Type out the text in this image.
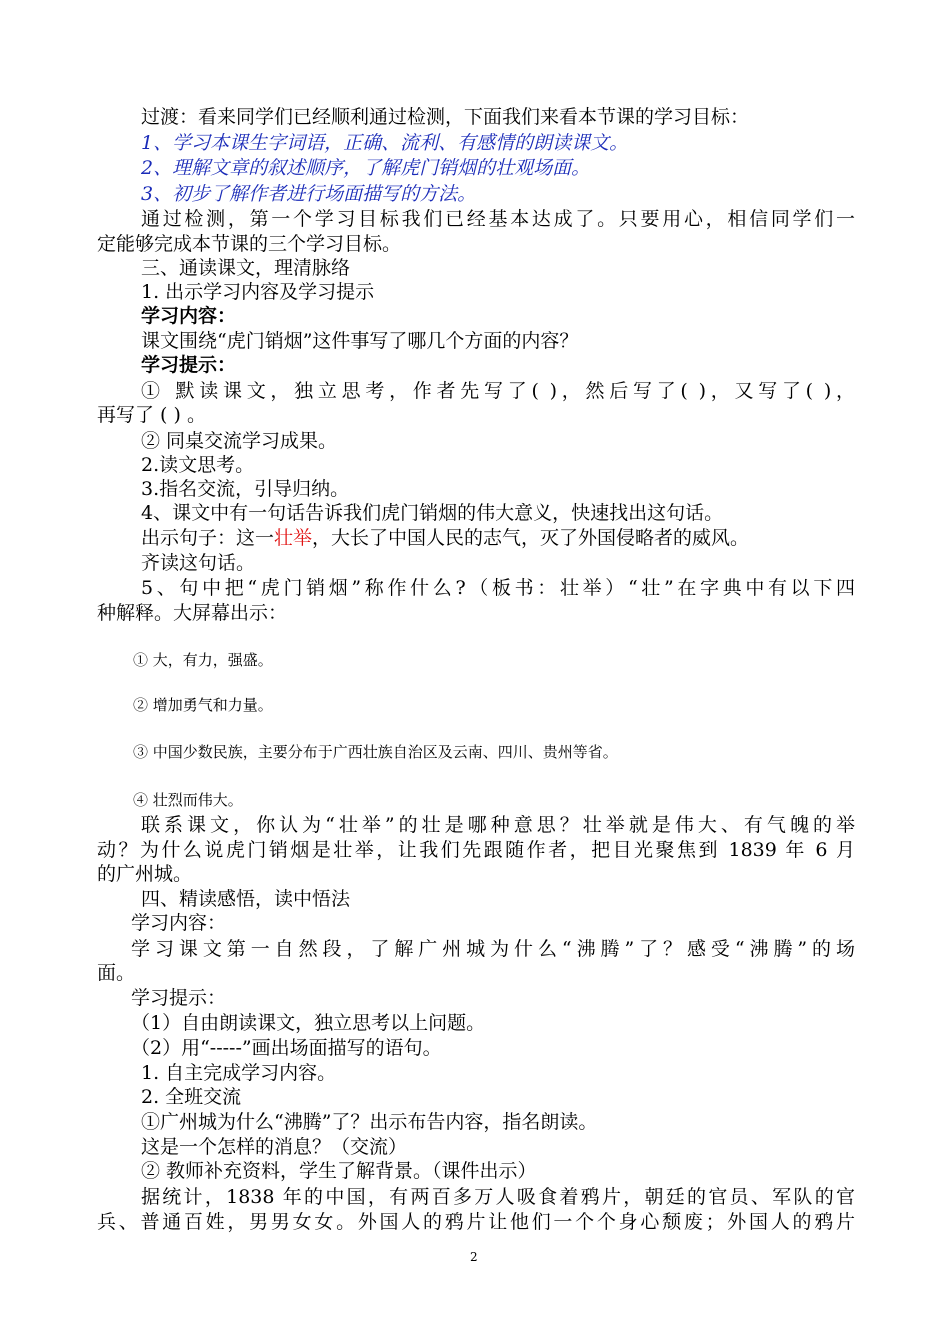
过渡：看来同学们已经顺利通过检测，下面我们来看本节课的学习目标：
1、学习本课生字词语，正确、流利、有感情的朗读课文。
2、理解文章的叙述顺序，了解虎门销烟的壮观场面。
3、初步了解作者进行场面描写的方法。
通过检测，第一个学习目标我们已经基本达成了。只要用心，相信同学们一
定能够完成本节课的三个学习目标。
三、通读课文，理清脉络
1. 出示学习内容及学习提示
学习内容：
课文围绕“虎门销烟”这件事写了哪几个方面的内容？
学习提示：
① 默读课文，独立思考，作者先写了( )，然后写了( )，又写了( )，
再写了 ( ) 。
② 同桌交流学习成果。
2.读文思考。
3.指名交流，引导归纳。
4、课文中有一句话告诉我们虎门销烟的伟大意义，快速找出这句话。
出示句子：这一壮举，大长了中国人民的志气，灭了外国侵略者的威风。
齐读这句话。
5、句中把“虎门销烟”称作什么?（板书：壮举）“壮”在字典中有以下四
种解释。大屏幕出示：
① 大，有力，强盛。
② 增加勇气和力量。
③ 中国少数民族，主要分布于广西壮族自治区及云南、四川、贵州等省。
④ 壮烈而伟大。
联系课文，你认为“壮举”的壮是哪种意思？壮举就是伟大、有气魄的举
动？为什么说虎门销烟是壮举，让我们先跟随作者，把目光聚焦到 1839 年 6 月
的广州城。
四、精读感悟，读中悟法
学习内容：
学习课文第一自然段，了解广州城为什么“沸腾”了？感受“沸腾”的场
面。
学习提示：
（1）自由朗读课文，独立思考以上问题。
（2）用“-----”画出场面描写的语句。
1. 自主完成学习内容。
2. 全班交流
①广州城为什么“沸腾”了？出示布告内容，指名朗读。
这是一个怎样的消息？（交流）
② 教师补充资料，学生了解背景。（课件出示）
据统计，1838 年的中国，有两百多万人吸食着鸦片，朝廷的官员、军队的官
兵、普通百姓，男男女女。外国人的鸦片让他们一个个身心颓废；外国人的鸦片
2
